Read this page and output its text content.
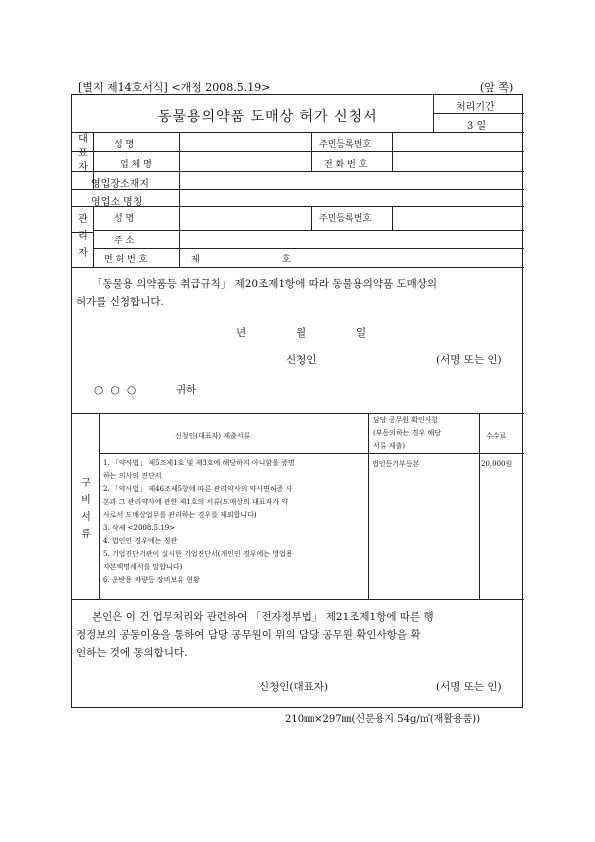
[별지 제14호서식] <개정 2008.5.19>	(앞 쪽)
동물용의약품 도매상 허가 신청서
처리기간
3 일
대
표
자
성 명	주민등록번호
업 체 명	전 화 번 호
영업장소재지
영업소 명칭
관
리
자
성 명	주민등록번호
주 소
면 허 번 호	제	호
「동물용 의약품등 취급규칙」 제20조제1항에 따라 동물용의약품 도매상의
허가를 신청합니다.
년	월	일
신청인	(서명 또는 인)
○ ○ ○	귀하
구
비
서
류
신청인(대표자) 제출서류
담당 공무원 확인사항
(부동의하는 경우 해당
서류 제출)
수수료
1. 「약사법」 제5조제1호 및 제3호에 해당하지 아니함을 증명
하는 의사의 진단서
2. 「약사법」 제46조제5항에 따른 관리약사의 약사면허증 사
본과 그 관리약사에 관한 제1호의 서류(도매상의 대표자가 약
사로서 도매상업무를 관리하는 경우를 제외합니다)
3. 삭제 <2008.5.19>
4. 법인인 경우에는 정관
5. 기업진단기관이 실시한 기업진단서(개인인 경우에는 영업용
자본액명세서를 말합니다)
6. 운반용 차량등 장비보유 현황
법인등기부등본	20,000원
본인은 이 건 업무처리와 관련하여 「전자정부법」 제21조제1항에 따른 행
정정보의 공동이용을 통하여 담당 공무원이 위의 담당 공무원 확인사항을 확
인하는 것에 동의합니다.
신청인(대표자)	(서명 또는 인)
210㎜×297㎜(신문용지 54g/㎡(재활용품))
